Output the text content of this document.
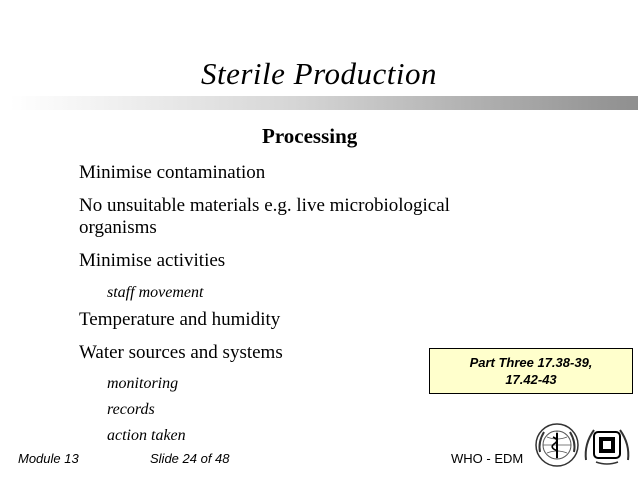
Sterile Production
Processing
Minimise contamination
No unsuitable materials e.g. live microbiological
organisms
Minimise activities
staff movement
Temperature and humidity
Water sources and systems
monitoring
records
action taken
Part Three 17.38-39,
17.42-43
Module 13	Slide 24 of 48	WHO - EDM
